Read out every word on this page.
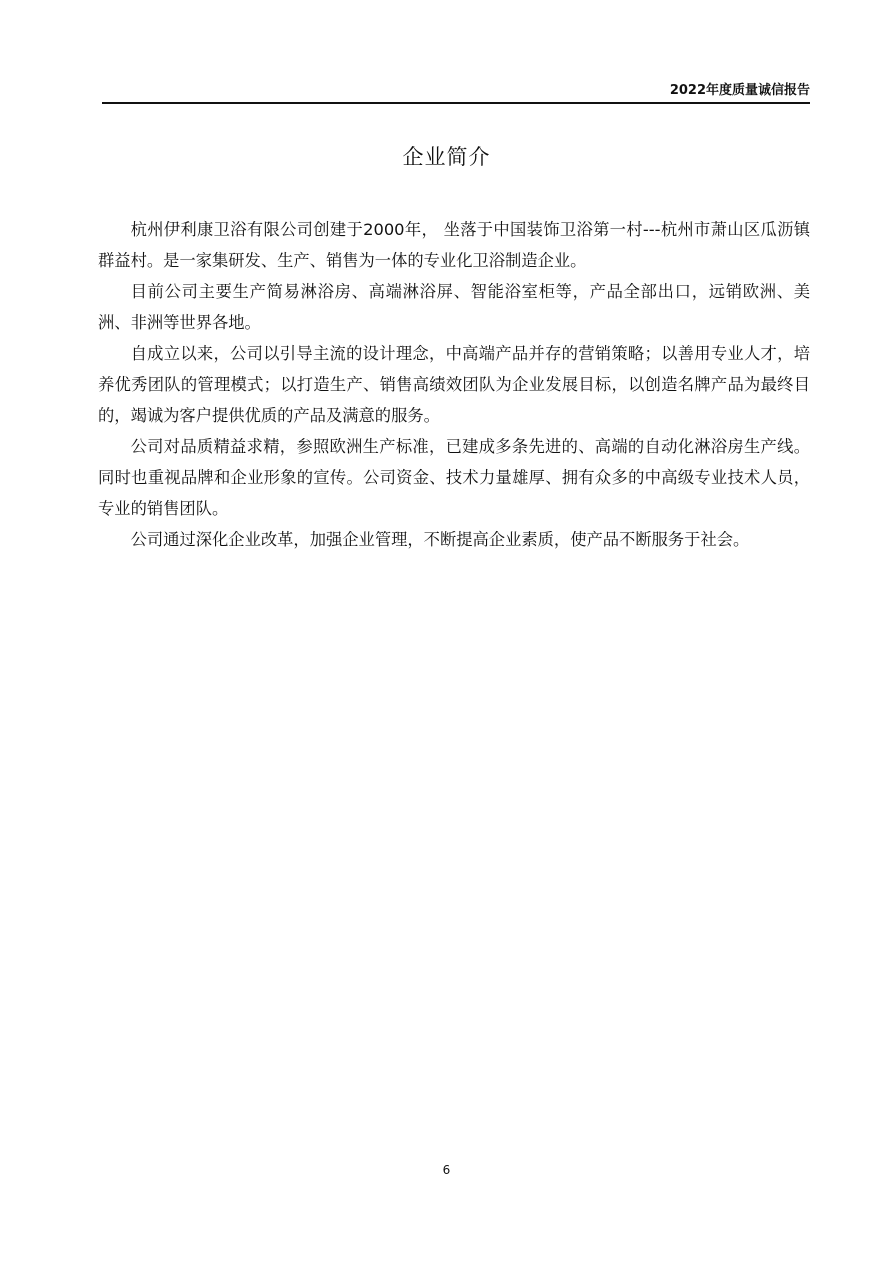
2022年度质量诚信报告
企业简介

杭州伊利康卫浴有限公司创建于2000年， 坐落于中国装饰卫浴第一村---杭州市萧山区瓜沥镇群益村。是一家集研发、生产、销售为一体的专业化卫浴制造企业。

目前公司主要生产简易淋浴房、高端淋浴屏、智能浴室柜等，产品全部出口，远销欧洲、美洲、非洲等世界各地。

自成立以来，公司以引导主流的设计理念，中高端产品并存的营销策略；以善用专业人才，培养优秀团队的管理模式；以打造生产、销售高绩效团队为企业发展目标，以创造名牌产品为最终目的，竭诚为客户提供优质的产品及满意的服务。

公司对品质精益求精，参照欧洲生产标准，已建成多条先进的、高端的自动化淋浴房生产线。同时也重视品牌和企业形象的宣传。公司资金、技术力量雄厚、拥有众多的中高级专业技术人员，专业的销售团队。

公司通过深化企业改革，加强企业管理，不断提高企业素质，使产品不断服务于社会。

6
